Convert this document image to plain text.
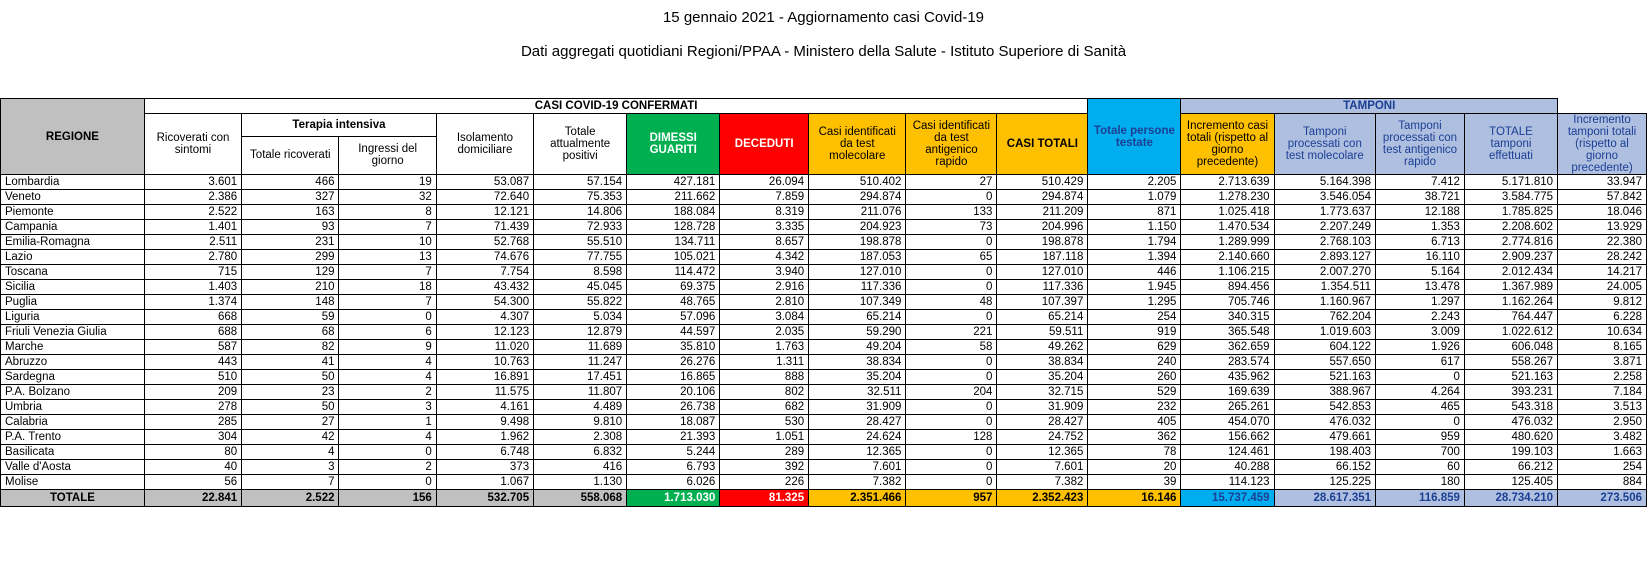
15 gennaio 2021 - Aggiornamento casi Covid-19
Dati aggregati quotidiani Regioni/PPAA - Ministero della Salute - Istituto Superiore di Sanità
REGIONE	CASI COVID-19 CONFERMATI										Totale persone testate	TAMPONI				
	Ricoverati con sintomi	Terapia intensiva		Isolamento domiciliare	Totale attualmente positivi	DIMESSI GUARITI	DECEDUTI	Casi identificati da test molecolare	Casi identificati da test antigenico rapido	CASI TOTALI		Incremento casi totali (rispetto al giorno precedente)	Tamponi processati con test molecolare	Tamponi processati con test antigenico rapido	TOTALE tamponi effettuati	Incremento tamponi totali (rispetto al giorno precedente)
		Totale ricoverati	Ingressi del giorno													
Lombardia	3.601	466	19	53.087	57.154	427.181	26.094	510.402	27	510.429	2.205	2.713.639	5.164.398	7.412	5.171.810	33.947
Veneto	2.386	327	32	72.640	75.353	211.662	7.859	294.874	0	294.874	1.079	1.278.230	3.546.054	38.721	3.584.775	57.842
Piemonte	2.522	163	8	12.121	14.806	188.084	8.319	211.076	133	211.209	871	1.025.418	1.773.637	12.188	1.785.825	18.046
Campania	1.401	93	7	71.439	72.933	128.728	3.335	204.923	73	204.996	1.150	1.470.534	2.207.249	1.353	2.208.602	13.929
Emilia-Romagna	2.511	231	10	52.768	55.510	134.711	8.657	198.878	0	198.878	1.794	1.289.999	2.768.103	6.713	2.774.816	22.380
Lazio	2.780	299	13	74.676	77.755	105.021	4.342	187.053	65	187.118	1.394	2.140.660	2.893.127	16.110	2.909.237	28.242
Toscana	715	129	7	7.754	8.598	114.472	3.940	127.010	0	127.010	446	1.106.215	2.007.270	5.164	2.012.434	14.217
Sicilia	1.403	210	18	43.432	45.045	69.375	2.916	117.336	0	117.336	1.945	894.456	1.354.511	13.478	1.367.989	24.005
Puglia	1.374	148	7	54.300	55.822	48.765	2.810	107.349	48	107.397	1.295	705.746	1.160.967	1.297	1.162.264	9.812
Liguria	668	59	0	4.307	5.034	57.096	3.084	65.214	0	65.214	254	340.315	762.204	2.243	764.447	6.228
Friuli Venezia Giulia	688	68	6	12.123	12.879	44.597	2.035	59.290	221	59.511	919	365.548	1.019.603	3.009	1.022.612	10.634
Marche	587	82	9	11.020	11.689	35.810	1.763	49.204	58	49.262	629	362.659	604.122	1.926	606.048	8.165
Abruzzo	443	41	4	10.763	11.247	26.276	1.311	38.834	0	38.834	240	283.574	557.650	617	558.267	3.871
Sardegna	510	50	4	16.891	17.451	16.865	888	35.204	0	35.204	260	435.962	521.163	0	521.163	2.258
P.A. Bolzano	209	23	2	11.575	11.807	20.106	802	32.511	204	32.715	529	169.639	388.967	4.264	393.231	7.184
Umbria	278	50	3	4.161	4.489	26.738	682	31.909	0	31.909	232	265.261	542.853	465	543.318	3.513
Calabria	285	27	1	9.498	9.810	18.087	530	28.427	0	28.427	405	454.070	476.032	0	476.032	2.950
P.A. Trento	304	42	4	1.962	2.308	21.393	1.051	24.624	128	24.752	362	156.662	479.661	959	480.620	3.482
Basilicata	80	4	0	6.748	6.832	5.244	289	12.365	0	12.365	78	124.461	198.403	700	199.103	1.663
Valle d'Aosta	40	3	2	373	416	6.793	392	7.601	0	7.601	20	40.288	66.152	60	66.212	254
Molise	56	7	0	1.067	1.130	6.026	226	7.382	0	7.382	39	114.123	125.225	180	125.405	884
TOTALE	22.841	2.522	156	532.705	558.068	1.713.030	81.325	2.351.466	957	2.352.423	16.146	15.737.459	28.617.351	116.859	28.734.210	273.506
